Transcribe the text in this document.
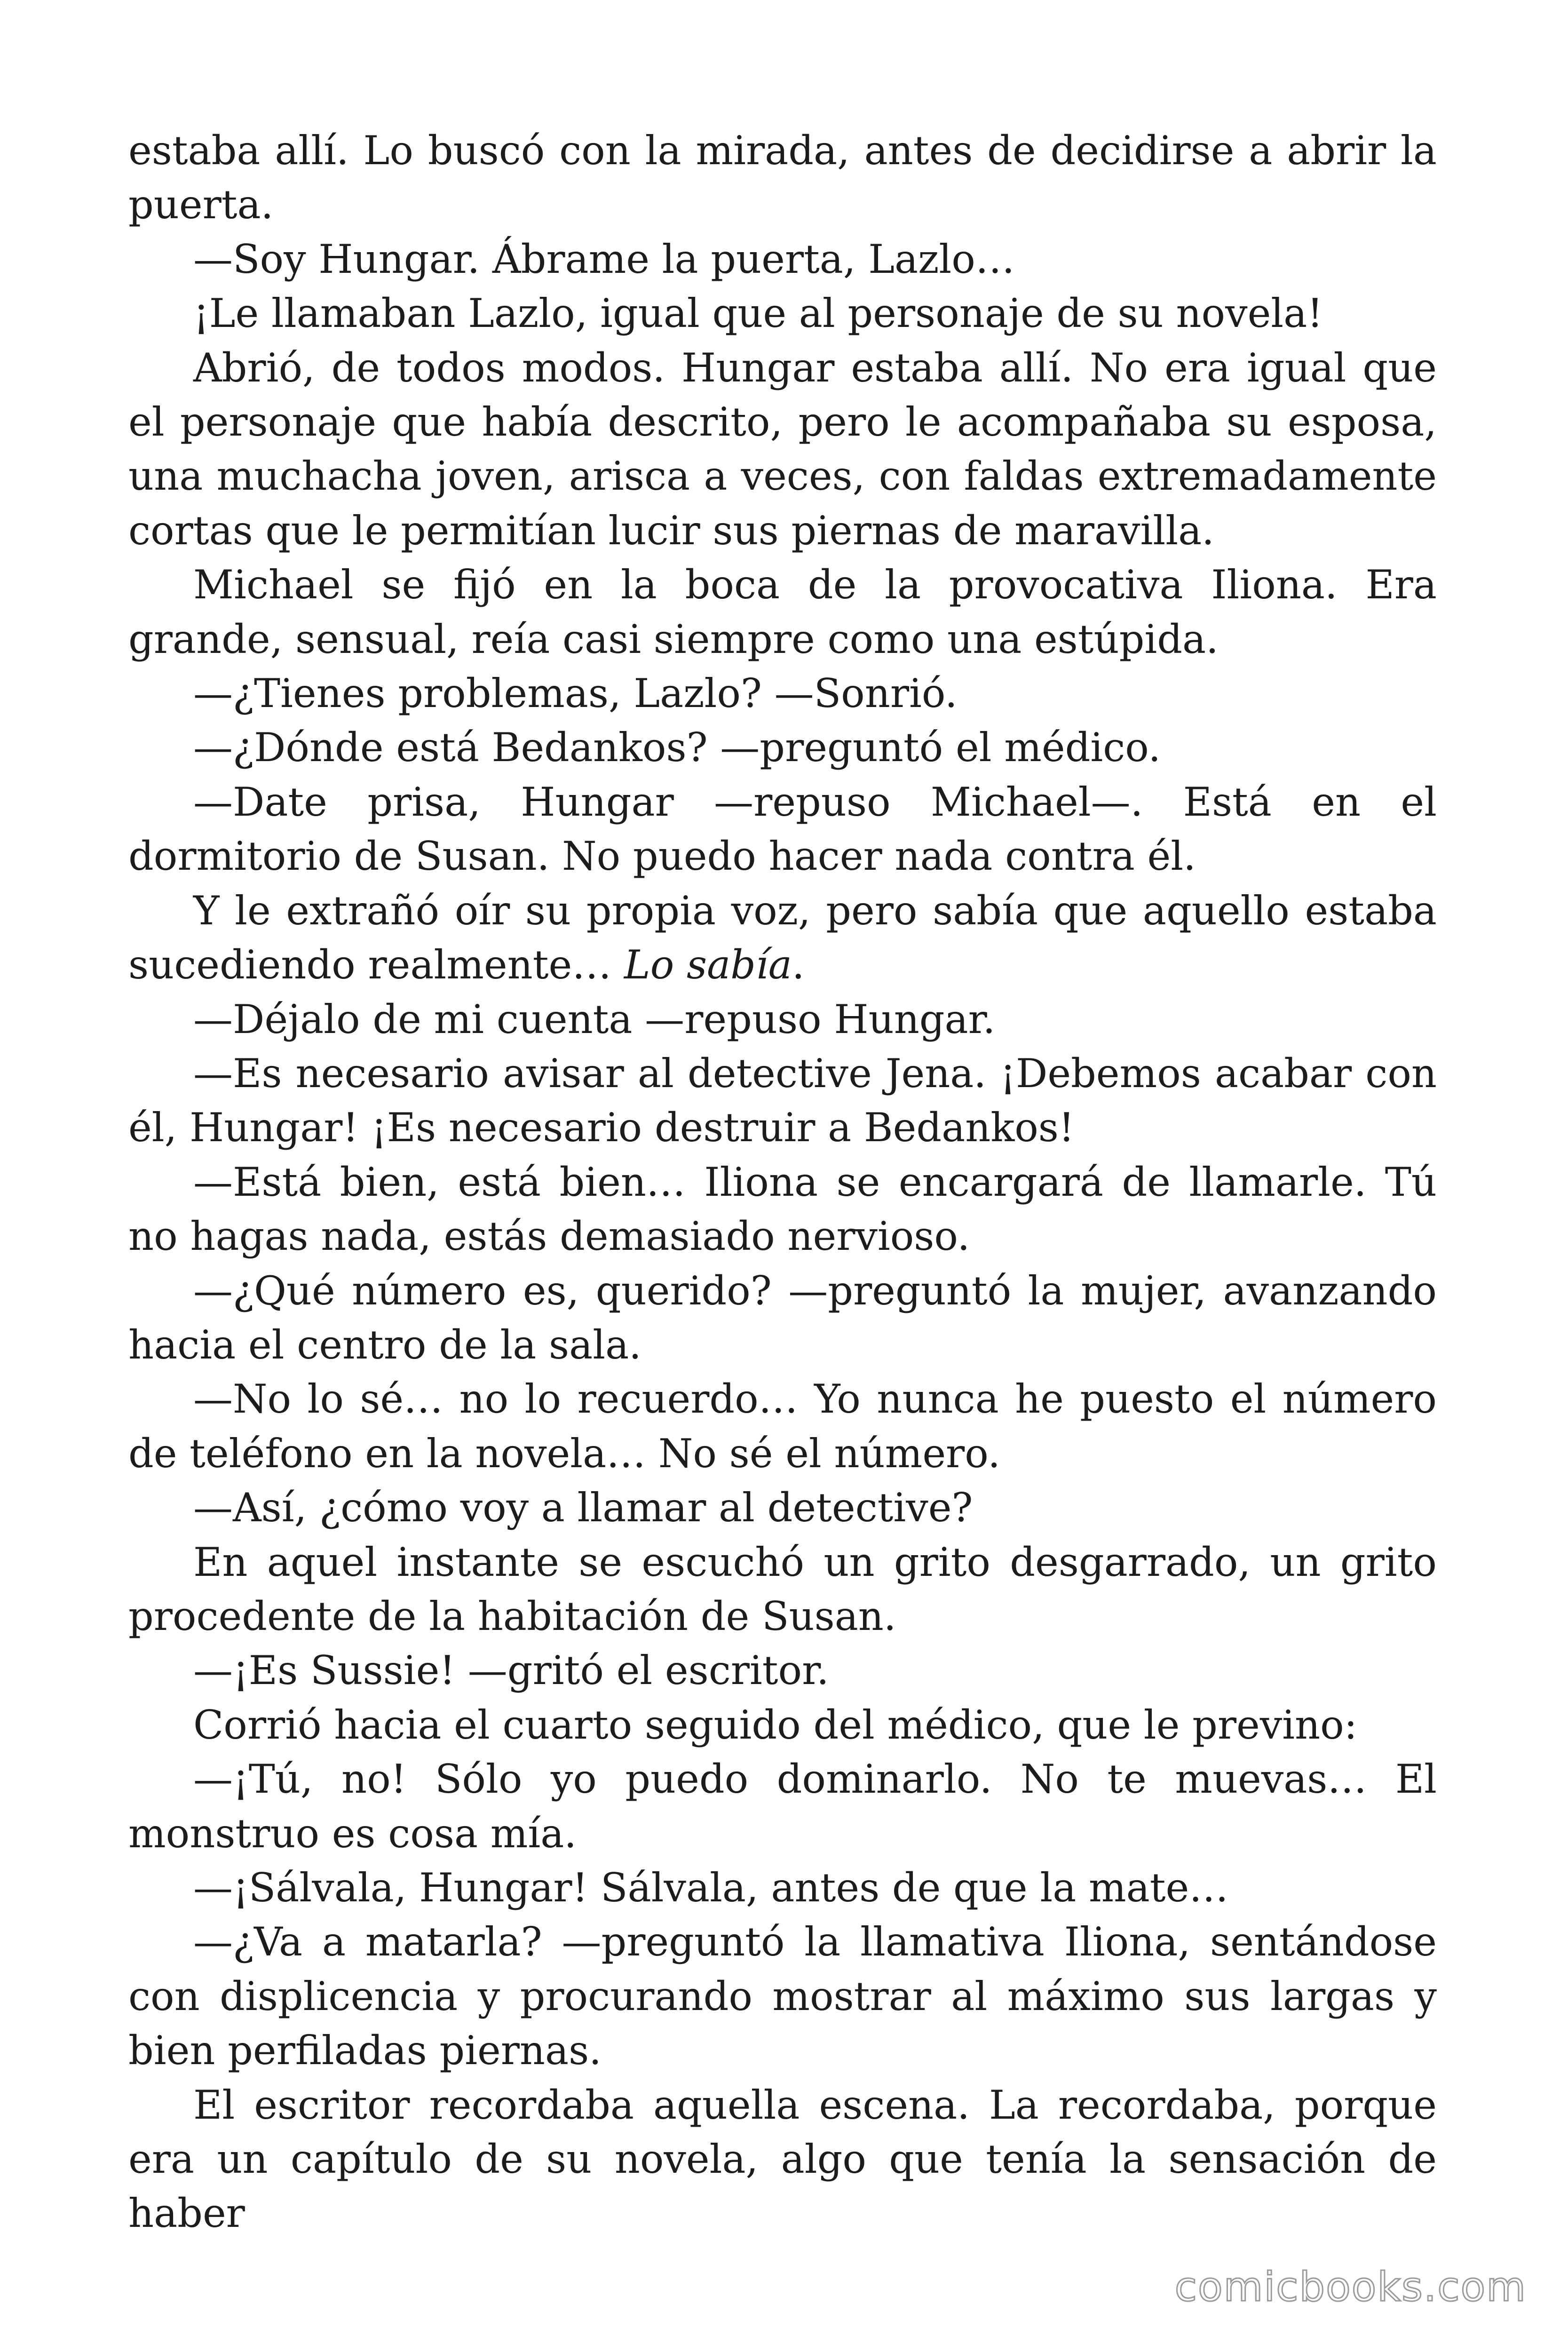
estaba allí. Lo buscó con la mirada, antes de decidirse a abrir la puerta.

—Soy Hungar. Ábrame la puerta, Lazlo…

¡Le llamaban Lazlo, igual que al personaje de su novela!

Abrió, de todos modos. Hungar estaba allí. No era igual que el personaje que había descrito, pero le acompañaba su esposa, una muchacha joven, arisca a veces, con faldas extremadamente cortas que le permitían lucir sus piernas de maravilla.

Michael se fijó en la boca de la provocativa Iliona. Era grande, sensual, reía casi siempre como una estúpida.

—¿Tienes problemas, Lazlo? —Sonrió.

—¿Dónde está Bedankos? —preguntó el médico.

—Date prisa, Hungar —repuso Michael—. Está en el dormitorio de Susan. No puedo hacer nada contra él.

Y le extrañó oír su propia voz, pero sabía que aquello estaba sucediendo realmente… Lo sabía.

—Déjalo de mi cuenta —repuso Hungar.

—Es necesario avisar al detective Jena. ¡Debemos acabar con él, Hungar! ¡Es necesario destruir a Bedankos!

—Está bien, está bien… Iliona se encargará de llamarle. Tú no hagas nada, estás demasiado nervioso.

—¿Qué número es, querido? —preguntó la mujer, avanzando hacia el centro de la sala.

—No lo sé… no lo recuerdo… Yo nunca he puesto el número de teléfono en la novela… No sé el número.

—Así, ¿cómo voy a llamar al detective?

En aquel instante se escuchó un grito desgarrado, un grito procedente de la habitación de Susan.

—¡Es Sussie! —gritó el escritor.

Corrió hacia el cuarto seguido del médico, que le previno:

—¡Tú, no! Sólo yo puedo dominarlo. No te muevas… El monstruo es cosa mía.

—¡Sálvala, Hungar! Sálvala, antes de que la mate…

—¿Va a matarla? —preguntó la llamativa Iliona, sentándose con displicencia y procurando mostrar al máximo sus largas y bien perfiladas piernas.

El escritor recordaba aquella escena. La recordaba, porque era un capítulo de su novela, algo que tenía la sensación de haber

comicbooks.com
